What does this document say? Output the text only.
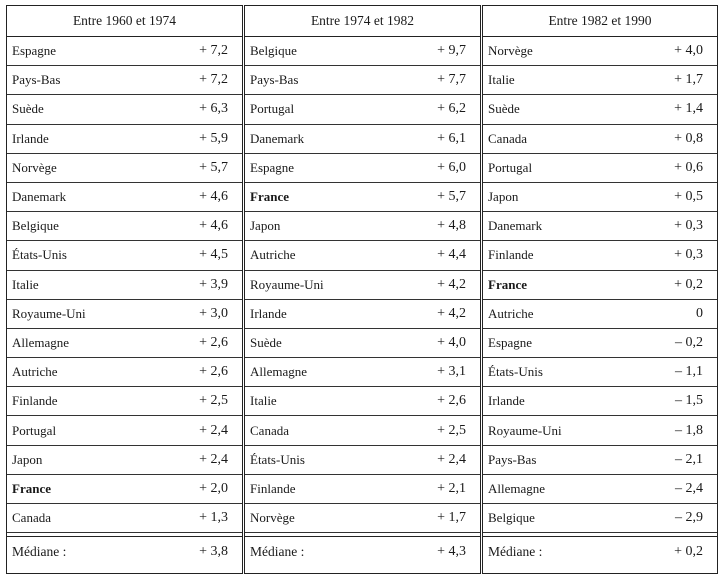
Entre 1960 et 1974
Espagne	+ 7,2
Pays-Bas	+ 7,2
Suède	+ 6,3
Irlande	+ 5,9
Norvège	+ 5,7
Danemark	+ 4,6
Belgique	+ 4,6
États-Unis	+ 4,5
Italie	+ 3,9
Royaume-Uni	+ 3,0
Allemagne	+ 2,6
Autriche	+ 2,6
Finlande	+ 2,5
Portugal	+ 2,4
Japon	+ 2,4
France	+ 2,0
Canada	+ 1,3
Médiane :	+ 3,8
Entre 1974 et 1982
Belgique	+ 9,7
Pays-Bas	+ 7,7
Portugal	+ 6,2
Danemark	+ 6,1
Espagne	+ 6,0
France	+ 5,7
Japon	+ 4,8
Autriche	+ 4,4
Royaume-Uni	+ 4,2
Irlande	+ 4,2
Suède	+ 4,0
Allemagne	+ 3,1
Italie	+ 2,6
Canada	+ 2,5
États-Unis	+ 2,4
Finlande	+ 2,1
Norvège	+ 1,7
Médiane :	+ 4,3
Entre 1982 et 1990
Norvège	+ 4,0
Italie	+ 1,7
Suède	+ 1,4
Canada	+ 0,8
Portugal	+ 0,6
Japon	+ 0,5
Danemark	+ 0,3
Finlande	+ 0,3
France	+ 0,2
Autriche	0
Espagne	– 0,2
États-Unis	– 1,1
Irlande	– 1,5
Royaume-Uni	– 1,8
Pays-Bas	– 2,1
Allemagne	– 2,4
Belgique	– 2,9
Médiane :	+ 0,2
